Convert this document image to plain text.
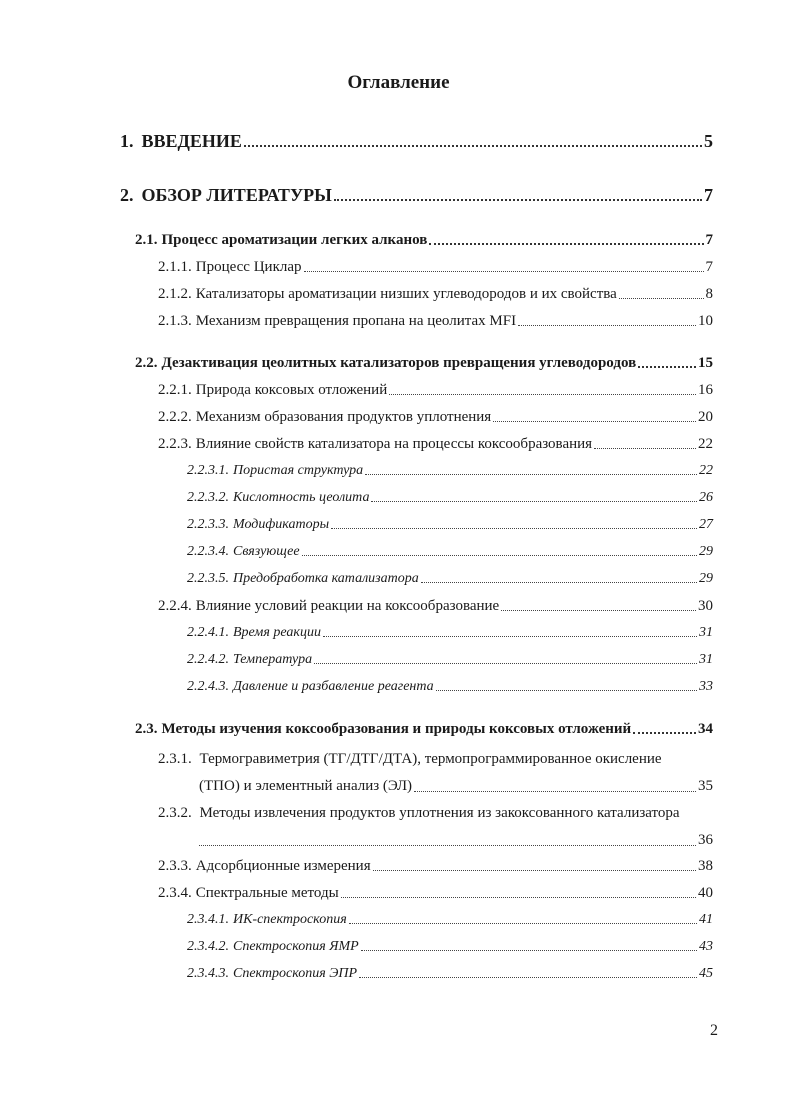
Оглавление
1. ВВЕДЕНИЕ	5
2. ОБЗОР ЛИТЕРАТУРЫ	7
2.1. Процесс ароматизации легких алканов	7
2.1.1. Процесс Циклар	7
2.1.2. Катализаторы ароматизации низших углеводородов и их свойства	8
2.1.3. Механизм превращения пропана на цеолитах MFI	10
2.2. Дезактивация цеолитных катализаторов превращения углеводородов	15
2.2.1. Природа коксовых отложений	16
2.2.2. Механизм образования продуктов уплотнения	20
2.2.3. Влияние свойств катализатора на процессы коксообразования	22
2.2.3.1. Пористая структура	22
2.2.3.2. Кислотность цеолита	26
2.2.3.3. Модификаторы	27
2.2.3.4. Связующее	29
2.2.3.5. Предобработка катализатора	29
2.2.4. Влияние условий реакции на коксообразование	30
2.2.4.1. Время реакции	31
2.2.4.2. Температура	31
2.2.4.3. Давление и разбавление реагента	33
2.3. Методы изучения коксообразования и природы коксовых отложений	34
2.3.1. Термогравиметрия (ТГ/ДТГ/ДТА), термопрограммированное окисление
(ТПО) и элементный анализ (ЭЛ)	35
2.3.2. Методы извлечения продуктов уплотнения из закоксованного катализатора
36
2.3.3. Адсорбционные измерения	38
2.3.4. Спектральные методы	40
2.3.4.1. ИК-спектроскопия	41
2.3.4.2. Спектроскопия ЯМР	43
2.3.4.3. Спектроскопия ЭПР	45
2
